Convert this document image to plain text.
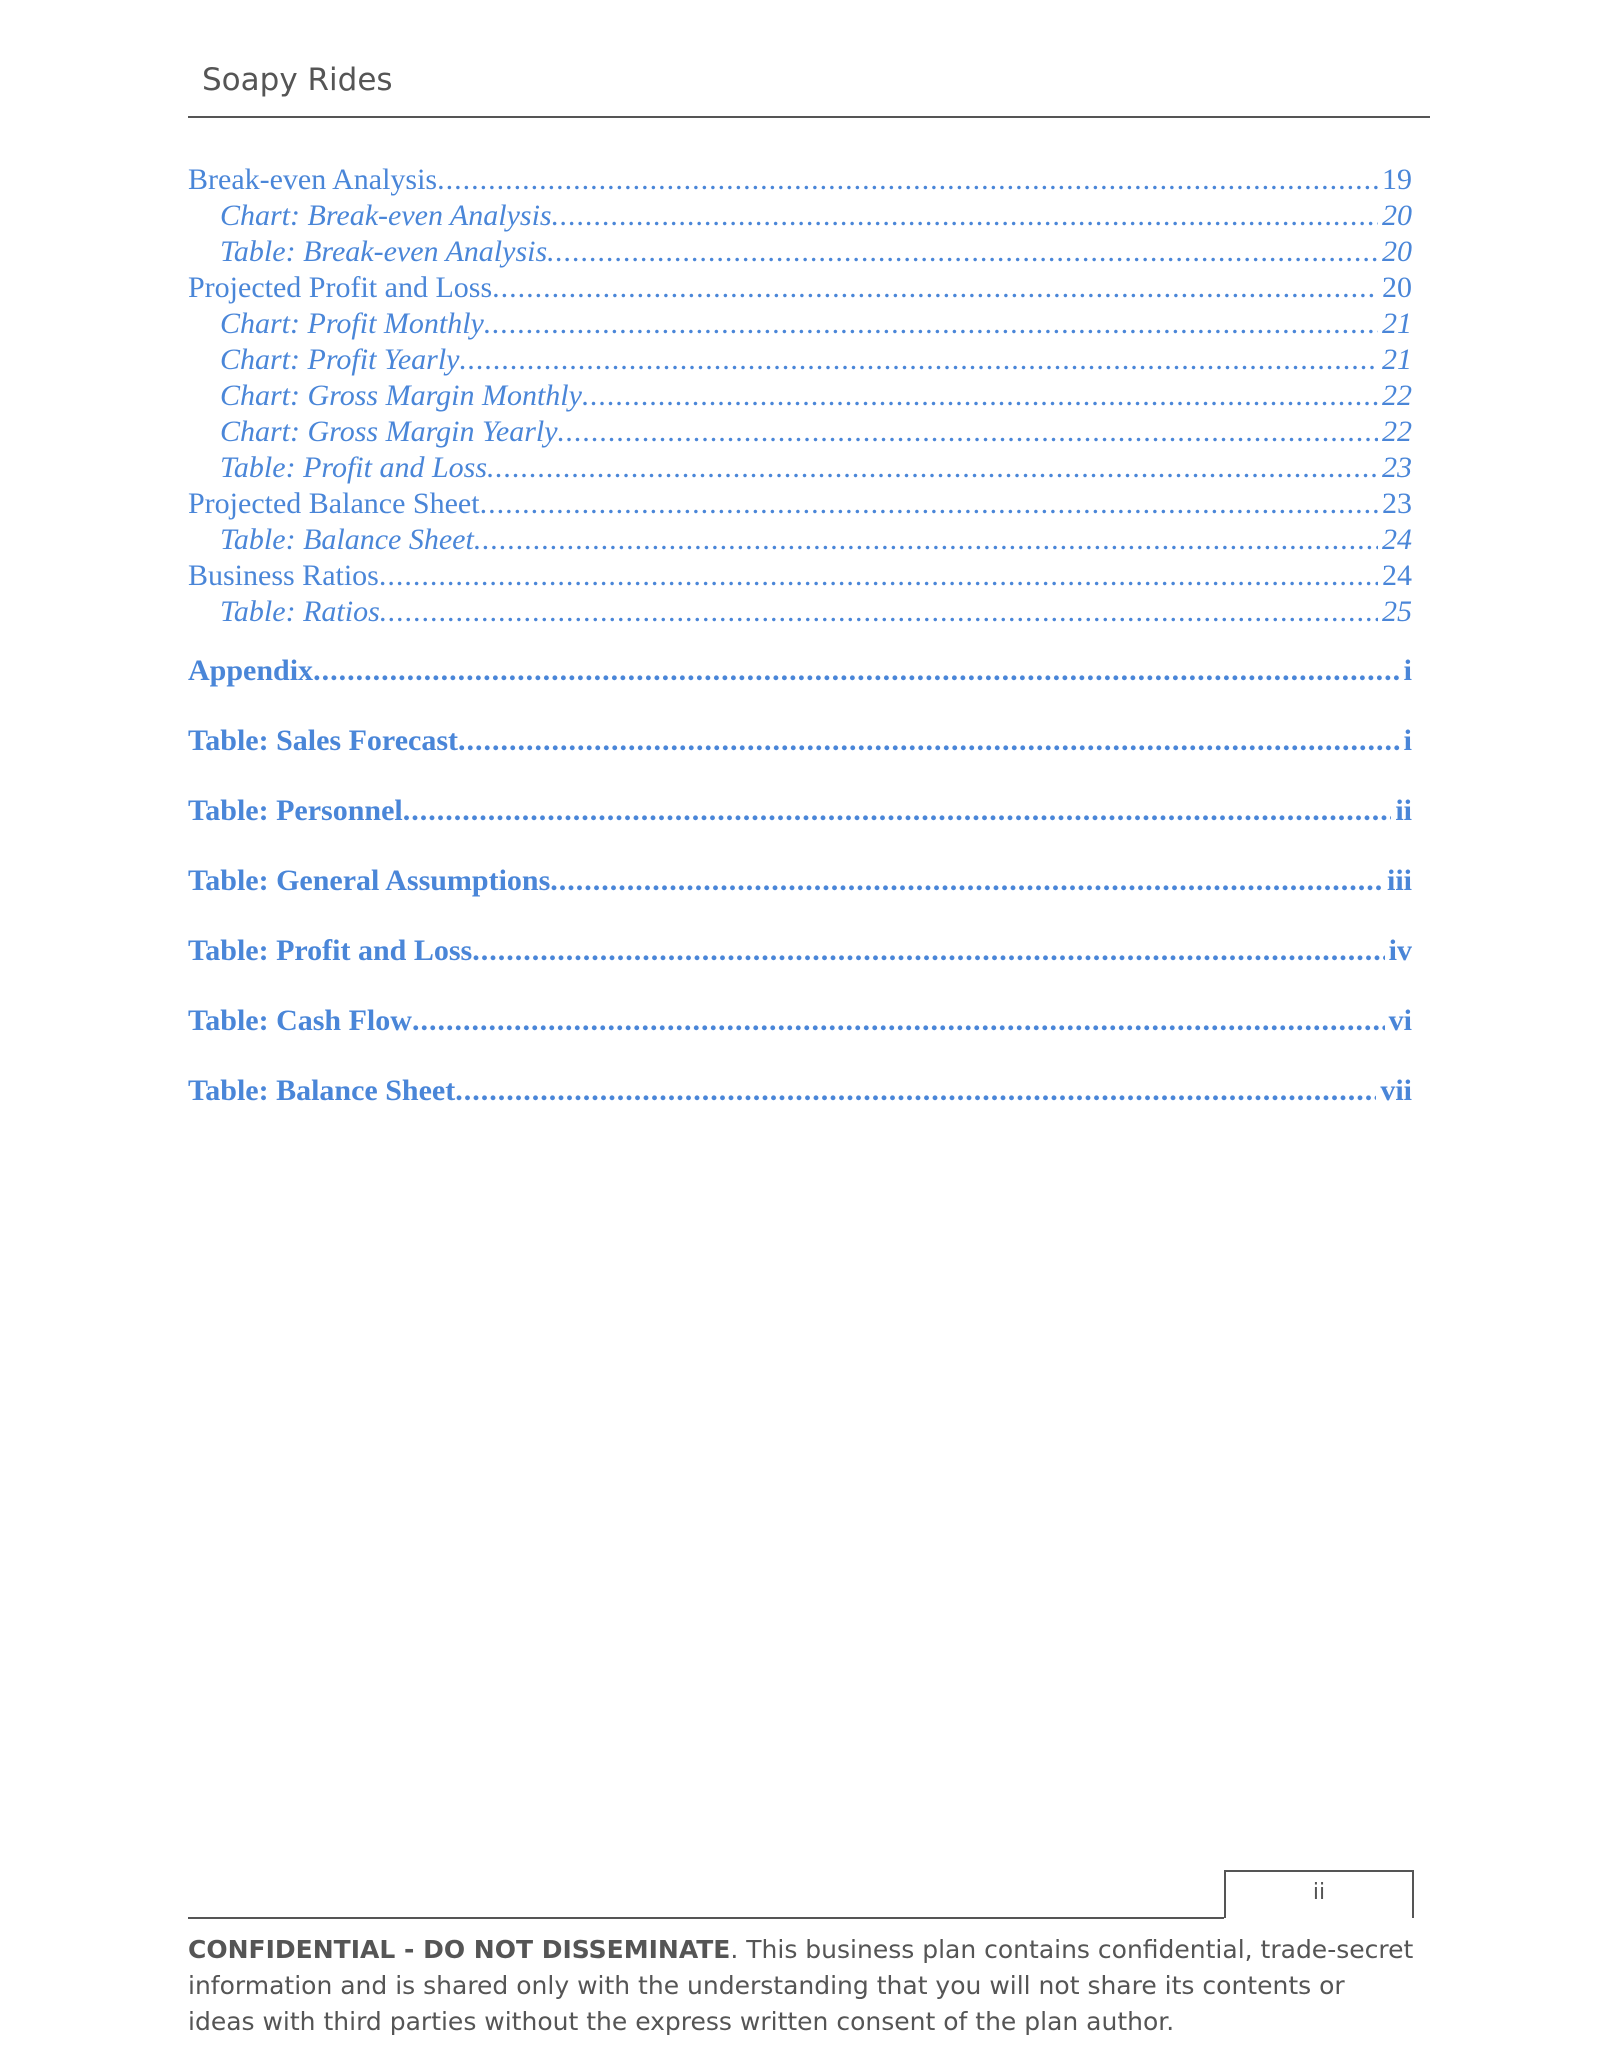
Soapy Rides
Break-even Analysis .....	19
Chart: Break-even Analysis .....	20
Table: Break-even Analysis .....	20
Projected Profit and Loss .....	20
Chart: Profit Monthly .....	21
Chart: Profit Yearly .....	21
Chart: Gross Margin Monthly .....	22
Chart: Gross Margin Yearly .....	22
Table: Profit and Loss .....	23
Projected Balance Sheet .....	23
Table: Balance Sheet .....	24
Business Ratios .....	24
Table: Ratios .....	25
Appendix .....	i
Table: Sales Forecast .....	i
Table: Personnel .....	ii
Table: General Assumptions .....	iii
Table: Profit and Loss .....	iv
Table: Cash Flow .....	vi
Table: Balance Sheet .....	vii
ii
CONFIDENTIAL - DO NOT DISSEMINATE. This business plan contains confidential, trade-secret information and is shared only with the understanding that you will not share its contents or ideas with third parties without the express written consent of the plan author.
